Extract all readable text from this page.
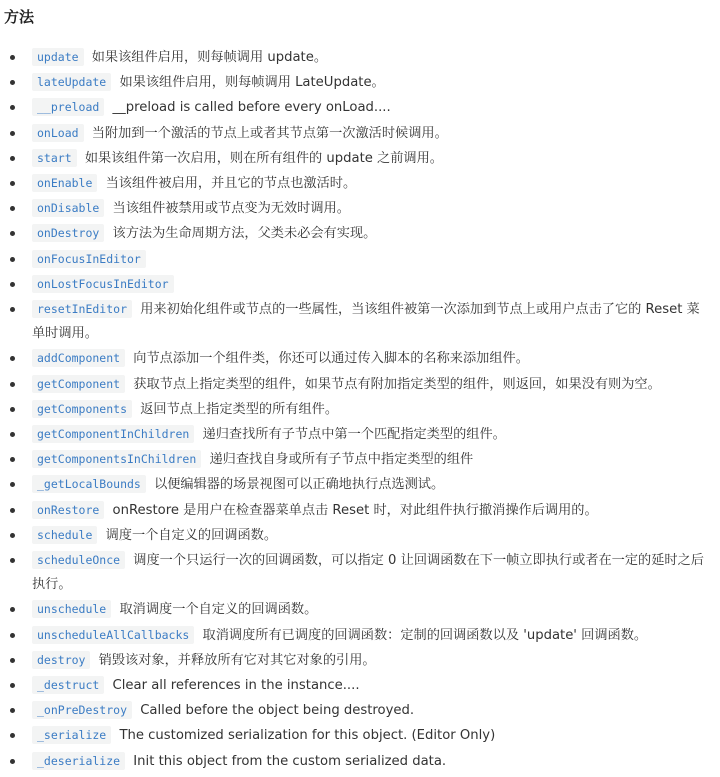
方法
update 如果该组件启用，则每帧调用 update。
lateUpdate 如果该组件启用，则每帧调用 LateUpdate。
__preload __preload is called before every onLoad....
onLoad 当附加到一个激活的节点上或者其节点第一次激活时候调用。
start 如果该组件第一次启用，则在所有组件的 update 之前调用。
onEnable 当该组件被启用，并且它的节点也激活时。
onDisable 当该组件被禁用或节点变为无效时调用。
onDestroy 该方法为生命周期方法，父类未必会有实现。
onFocusInEditor
onLostFocusInEditor
resetInEditor 用来初始化组件或节点的一些属性，当该组件被第一次添加到节点上或用户点击了它的 Reset 菜单时调用。
addComponent 向节点添加一个组件类，你还可以通过传入脚本的名称来添加组件。
getComponent 获取节点上指定类型的组件，如果节点有附加指定类型的组件，则返回，如果没有则为空。
getComponents 返回节点上指定类型的所有组件。
getComponentInChildren 递归查找所有子节点中第一个匹配指定类型的组件。
getComponentsInChildren 递归查找自身或所有子节点中指定类型的组件
_getLocalBounds 以便编辑器的场景视图可以正确地执行点选测试。
onRestore onRestore 是用户在检查器菜单点击 Reset 时，对此组件执行撤消操作后调用的。
schedule 调度一个自定义的回调函数。
scheduleOnce 调度一个只运行一次的回调函数，可以指定 0 让回调函数在下一帧立即执行或者在一定的延时之后执行。
unschedule 取消调度一个自定义的回调函数。
unscheduleAllCallbacks 取消调度所有已调度的回调函数：定制的回调函数以及 'update' 回调函数。
destroy 销毁该对象，并释放所有它对其它对象的引用。
_destruct Clear all references in the instance....
_onPreDestroy Called before the object being destroyed.
_serialize The customized serialization for this object. (Editor Only)
_deserialize Init this object from the custom serialized data.
